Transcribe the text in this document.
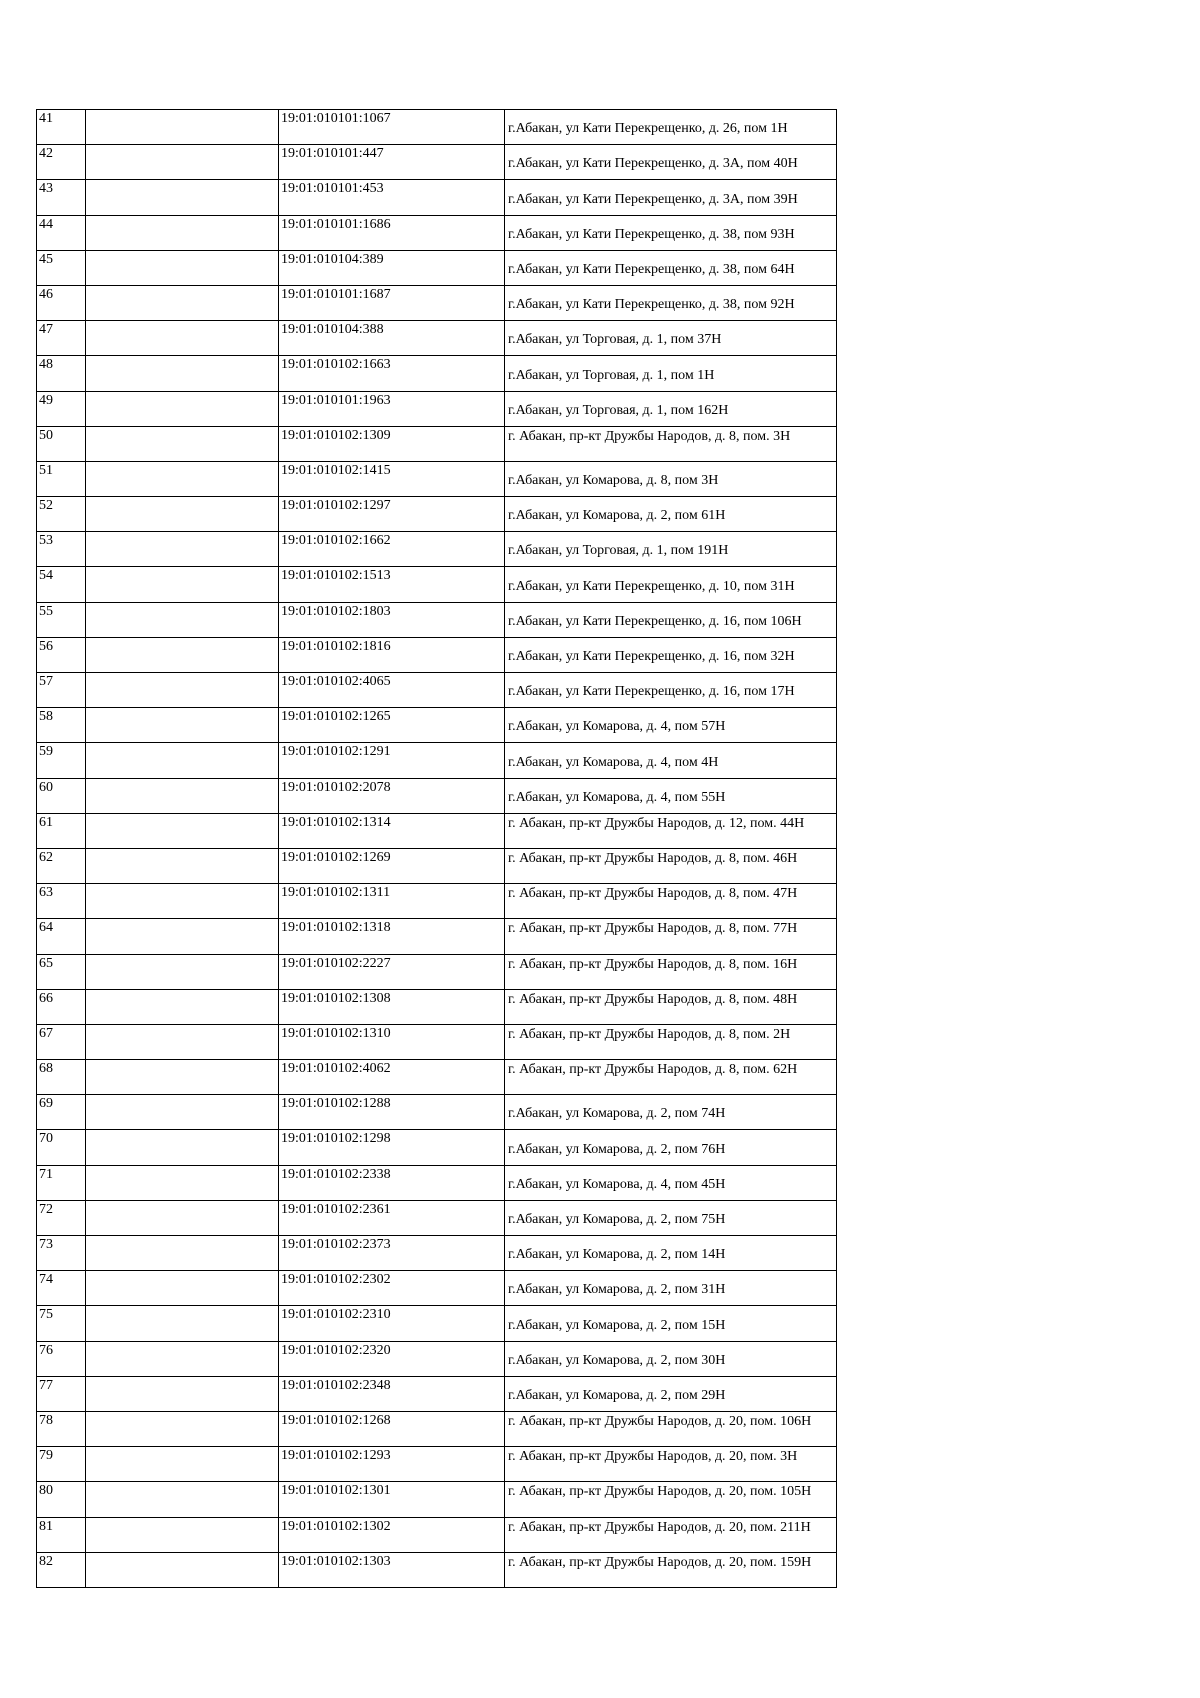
41		19:01:010101:1067	г.Абакан, ул Кати Перекрещенко, д. 26, пом 1Н
42		19:01:010101:447	г.Абакан, ул Кати Перекрещенко, д. 3А, пом 40Н
43		19:01:010101:453	г.Абакан, ул Кати Перекрещенко, д. 3А, пом 39Н
44		19:01:010101:1686	г.Абакан, ул Кати Перекрещенко, д. 38, пом 93Н
45		19:01:010104:389	г.Абакан, ул Кати Перекрещенко, д. 38, пом 64Н
46		19:01:010101:1687	г.Абакан, ул Кати Перекрещенко, д. 38, пом 92Н
47		19:01:010104:388	г.Абакан, ул Торговая, д. 1, пом 37Н
48		19:01:010102:1663	г.Абакан, ул Торговая, д. 1, пом 1Н
49		19:01:010101:1963	г.Абакан, ул Торговая, д. 1, пом 162Н
50		19:01:010102:1309	г. Абакан, пр-кт Дружбы Народов, д. 8, пом. 3Н
51		19:01:010102:1415	г.Абакан, ул Комарова, д. 8, пом 3Н
52		19:01:010102:1297	г.Абакан, ул Комарова, д. 2, пом 61Н
53		19:01:010102:1662	г.Абакан, ул Торговая, д. 1, пом 191Н
54		19:01:010102:1513	г.Абакан, ул Кати Перекрещенко, д. 10, пом 31Н
55		19:01:010102:1803	г.Абакан, ул Кати Перекрещенко, д. 16, пом 106Н
56		19:01:010102:1816	г.Абакан, ул Кати Перекрещенко, д. 16, пом 32Н
57		19:01:010102:4065	г.Абакан, ул Кати Перекрещенко, д. 16, пом 17Н
58		19:01:010102:1265	г.Абакан, ул Комарова, д. 4, пом 57Н
59		19:01:010102:1291	г.Абакан, ул Комарова, д. 4, пом 4Н
60		19:01:010102:2078	г.Абакан, ул Комарова, д. 4, пом 55Н
61		19:01:010102:1314	г. Абакан, пр-кт Дружбы Народов, д. 12, пом. 44Н
62		19:01:010102:1269	г. Абакан, пр-кт Дружбы Народов, д. 8, пом. 46Н
63		19:01:010102:1311	г. Абакан, пр-кт Дружбы Народов, д. 8, пом. 47Н
64		19:01:010102:1318	г. Абакан, пр-кт Дружбы Народов, д. 8, пом. 77Н
65		19:01:010102:2227	г. Абакан, пр-кт Дружбы Народов, д. 8, пом. 16Н
66		19:01:010102:1308	г. Абакан, пр-кт Дружбы Народов, д. 8, пом. 48Н
67		19:01:010102:1310	г. Абакан, пр-кт Дружбы Народов, д. 8, пом. 2Н
68		19:01:010102:4062	г. Абакан, пр-кт Дружбы Народов, д. 8, пом. 62Н
69		19:01:010102:1288	г.Абакан, ул Комарова, д. 2, пом 74Н
70		19:01:010102:1298	г.Абакан, ул Комарова, д. 2, пом 76Н
71		19:01:010102:2338	г.Абакан, ул Комарова, д. 4, пом 45Н
72		19:01:010102:2361	г.Абакан, ул Комарова, д. 2, пом 75Н
73		19:01:010102:2373	г.Абакан, ул Комарова, д. 2, пом 14Н
74		19:01:010102:2302	г.Абакан, ул Комарова, д. 2, пом 31Н
75		19:01:010102:2310	г.Абакан, ул Комарова, д. 2, пом 15Н
76		19:01:010102:2320	г.Абакан, ул Комарова, д. 2, пом 30Н
77		19:01:010102:2348	г.Абакан, ул Комарова, д. 2, пом 29Н
78		19:01:010102:1268	г. Абакан, пр-кт Дружбы Народов, д. 20, пом. 106Н
79		19:01:010102:1293	г. Абакан, пр-кт Дружбы Народов, д. 20, пом. 3Н
80		19:01:010102:1301	г. Абакан, пр-кт Дружбы Народов, д. 20, пом. 105Н
81		19:01:010102:1302	г. Абакан, пр-кт Дружбы Народов, д. 20, пом. 211Н
82		19:01:010102:1303	г. Абакан, пр-кт Дружбы Народов, д. 20, пом. 159Н
